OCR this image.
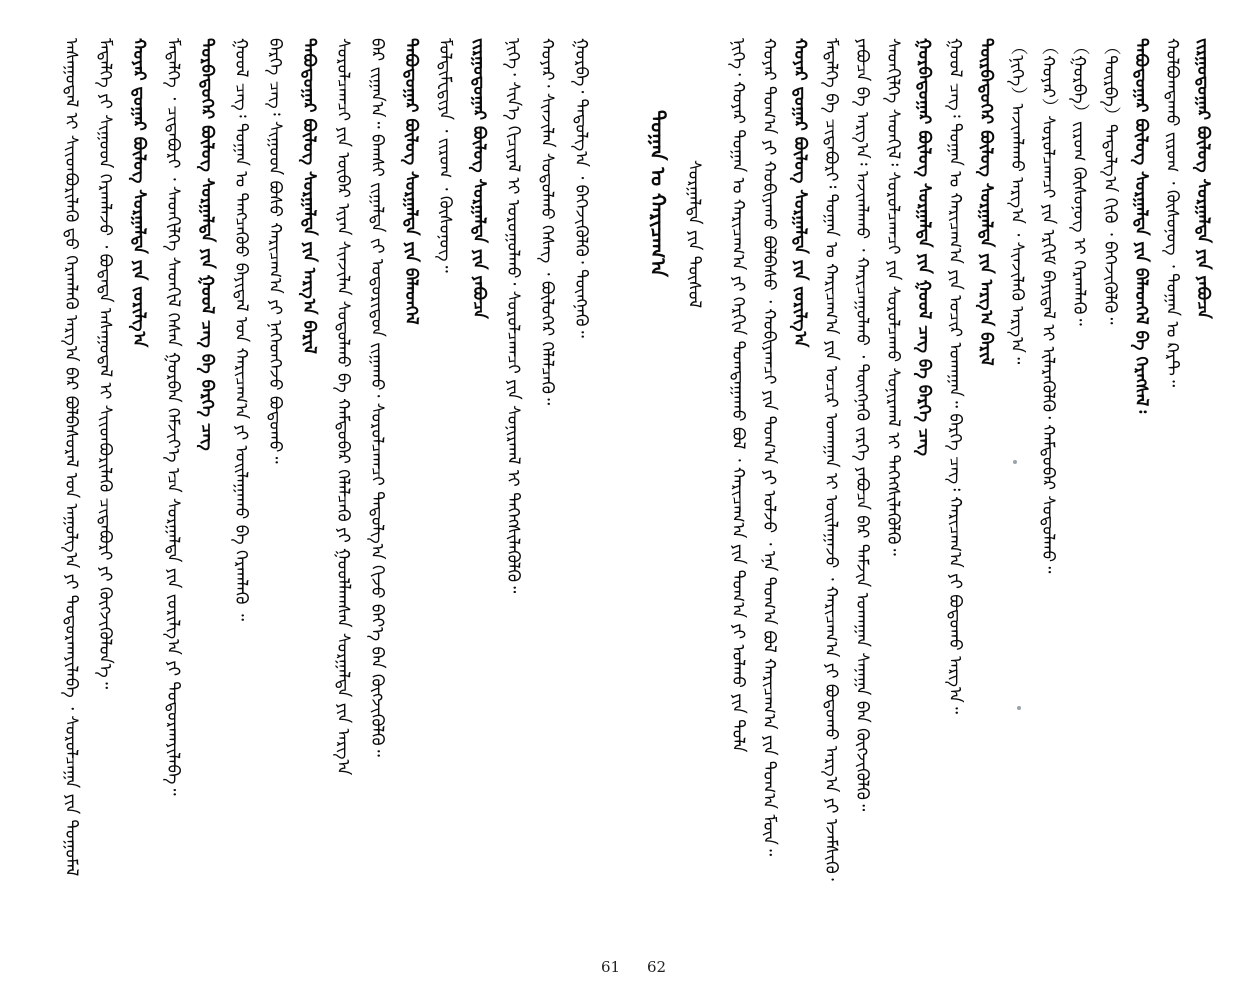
ᠠᠰᠠᠭᠤᠳᠠᠯ ᠢ ᠰᠢᠢᠳᠪᠦᠷᠢᠯᠡᠬᠦ ᠳ᠋ᠤ ᠬᠡᠷᠡᠭ᠍ᠯᠡᠬᠦ ᠠᠷᠭ᠎ᠠ ᠪᠠᠷ ᠪᠣᠯᠪᠠᠰᠤᠷᠠᠯ ᠤᠨ ᠠᠭᠤᠯᠭ᠎ᠠ ᠶᠢ ᠲᠣᠳᠣᠷᠬᠠᠶᠢᠯᠠᠪᠠ ᠂ ᠰᠤᠷᠤᠯᠴᠠᠭᠠ ᠶᠢᠨ ᠲᠣᠭᠣᠮᠠᠯ ᠮᠡᠳᠡᠯᠭᠡ ᠶᠢ ᠰᠢᠭᠤᠳ ᠬᠡᠷᠡᠭ᠍ᠯᠡᠵᠦ ᠂ ᠪᠣᠳᠠᠳᠠ ᠠᠰᠠᠭᠤᠳᠠᠯ ᠢ ᠰᠢᠢᠳᠪᠦᠷᠢᠯᠡᠬᠦ ᠴᠢᠳᠠᠪᠤᠷᠢ ᠶᠢ ᠬᠥᠭᠵᠢᠭᠦᠯᠦᠨ᠎ᠡ᠃ ᠬᠣᠶᠠᠷ ᠳ᠋ᠤᠭᠠᠷ ᠪᠦᠯᠦᠭ ᠰᠤᠷᠭᠠᠯᠲᠠ ᠶᠢᠨ ᠵᠣᠷᠢᠯᠭ᠎ᠠ ᠮᠡᠳᠡᠯᠭᠡ ᠂ ᠴᠢᠳᠠᠪᠤᠷᠢ ᠂ ᠰᠡᠳᠬᠢᠯᠭᠡ ᠰᠡᠳᠬᠢᠯ ᠭᠡᠰᠡᠨ ᠭᠤᠷᠪᠠᠨ ᠬᠡᠮᠵᠢᠶ᠎ᠡ ᠡᠴᠡ ᠰᠤᠷᠭᠠᠯᠲᠠ ᠶᠢᠨ ᠵᠣᠷᠢᠯᠭ᠎ᠠ ᠶᠢ ᠲᠣᠳᠣᠷᠬᠠᠶᠢᠯᠠᠪᠠ᠃ ᠳᠣᠷᠪᠡᠳᠦᠭᠡᠷ ᠪᠦᠯᠦᠭ ᠰᠤᠷᠭᠠᠯᠲᠠ ᠶᠢᠨ ᠭᠣᠣᠯ ᠴᠡᠭ ᠪᠠ ᠪᠡᠷᠬᠡ ᠴᠡᠭ ᠭᠣᠣᠯ ᠴᠡᠭ᠄ ᠲᠣᠭᠠᠨ ᠤ ᠲᠡᠩᠴᠡᠭᠦᠦ ᠪᠠᠶᠢᠳᠠᠯ ᠤᠨ ᠬᠠᠷᠢᠴᠠᠭ᠎ᠠ ᠶᠢ ᠣᠢᠯᠠᠭᠠᠬᠤ ᠪᠠ ᠬᠡᠷᠡᠭ᠍ᠯᠡᠬᠦ ᠃ ᠪᠡᠷᠬᠡ ᠴᠡᠭ᠄ ᠰᠢᠭᠤᠳ ᠪᠤᠰᠤ ᠬᠠᠷᠢᠴᠠᠭ᠎ᠠ ᠶᠢ ᠨᠡᠭᠡᠳᠬᠡᠵᠦ ᠪᠣᠳᠣᠬᠤ᠃ ᠲᠠᠪᠤᠳᠤᠭᠠᠷ ᠪᠦᠯᠦᠭ ᠰᠤᠷᠭᠠᠯᠲᠠ ᠶᠢᠨ ᠠᠷᠭ᠎ᠠ ᠪᠠᠷᠢᠯ ᠰᠤᠷᠤᠯᠴᠠᠭᠴᠢ ᠶᠢᠨ ᠦᠪᠡᠷ ᠢᠶᠡᠨ ᠰᠢᠨᠵᠢᠯᠡᠨ ᠰᠤᠳᠤᠯᠬᠤ ᠪᠠ ᠬᠠᠮᠲᠤᠪᠠᠷ ᠬᠡᠯᠡᠯᠴᠡᠬᠦ ᠶᠢ ᠭᠣᠣᠯᠯᠠᠭᠰᠠᠨ ᠰᠤᠷᠭᠠᠯᠲᠠ ᠶᠢᠨ ᠠᠷᠭ᠎ᠠ ᠪᠠᠷ ᠵᠢᠭᠠᠨ᠎ᠠ᠃ ᠪᠠᠭᠰᠢ ᠵᠢᠭᠠᠯᠳᠠ ᠵᠢ ᠤᠳᠤᠷᠢᠳᠤᠨ ᠵᠢᠭᠠᠬᠤ᠂ ᠰᠤᠷᠤᠯᠴᠠᠭᠴᠢ ᠳᠠᠳᠤᠯᠭ᠎ᠠ ᠬᠢᠵᠦ ᠪᠡᠶ᠎ᠡ ᠪᠡᠨ ᠬᠦᠭᠵᠢᠭᠦᠯᠬᠦ᠃ ᠲᠠᠪᠤᠳᠤᠭᠠᠷ ᠪᠦᠯᠦᠭ ᠰᠤᠷᠭᠠᠯᠲᠠ ᠶᠢᠨ ᠪᠡᠯᠡᠳᠬᠡᠯ ᠮᠤᠯᠲᠢᠮᠸᠳᠢᠶᠠ ᠂ ᠵᠢᠷᠤᠭ ᠂ ᠬᠦᠰᠦᠨᠦᠭ᠃ ᠵᠢᠷᠭᠤᠳᠤᠭᠠᠷ ᠪᠦᠯᠦᠭ ᠰᠤᠷᠭᠠᠯᠲᠠ ᠶᠢᠨ ᠶᠠᠪᠤᠴᠠ ᠨᠢᠭᠡ᠂ ᠱᠢᠨ᠎ᠡ ᠬᠢᠴᠢᠶᠡᠯ ᠢ ᠤᠷᠤᠭᠤᠯᠬᠤ᠂ ᠰᠤᠷᠤᠯᠴᠠᠭᠴᠢ ᠶᠢᠨ ᠰᠣᠨᠢᠷᠬᠠᠯ ᠢ ᠳᠡᠭᠡᠭᠰᠢᠯᠡᠭᠦᠯᠬᠦ᠃ ᠬᠣᠶᠠᠷ᠂ ᠰᠢᠨᠵᠢᠯᠡᠨ ᠰᠤᠳᠤᠯᠬᠤ ᠬᠡᠰᠡᠭ ᠂ ᠪᠦᠯᠦᠭᠡᠷ ᠬᠡᠯᠡᠯᠴᠡᠬᠦ᠃ ᠭᠤᠷᠪᠠ᠂ ᠳᠠᠳᠤᠯᠭ᠎ᠠ ᠂ ᠪᠡᠬᠡᠵᠢᠭᠦᠯᠬᠦ᠂ ᠳᠦᠩᠨᠡᠬᠦ᠃
61 62
ᠲᠣᠭᠠᠨ ᠤ ᠬᠠᠷᠢᠴᠠᠭ᠎ᠠ ᠰᠤᠷᠭᠠᠯᠲᠠ ᠶᠢᠨ ᠲᠥᠰᠥᠯ ᠨᠢᠭᠡ᠂ ᠬᠣᠶᠠᠷ ᠲᠣᠭᠠᠨ ᠤ ᠬᠠᠷᠢᠴᠠᠭ᠎ᠠ ᠶᠢ ᠬᠡᠷᠬᠢᠨ ᠲᠣᠭᠲᠠᠭᠠᠬᠤ ᠪᠣᠯ ᠂ ᠬᠠᠷᠢᠴᠠᠭ᠎ᠠ ᠶᠢᠨ ᠲᠣᠭ᠎ᠠ ᠶᠢ ᠣᠯᠬᠤ ᠶᠢᠨ ᠲᠤᠯᠠ ᠬᠣᠶᠠᠷ ᠲᠣᠭ᠎ᠠ ᠶᠢ ᠬᠤᠪᠢᠶᠠᠬᠤ ᠪᠣᠯᠪᠠᠰᠤ ᠂ ᠬᠤᠪᠢᠶᠠᠭᠴᠢ ᠶᠢᠨ ᠲᠣᠭ᠎ᠠ ᠶᠢ ᠣᠯᠵᠤ ᠂ ᠡᠨᠡ ᠲᠣᠭ᠎ᠠ ᠪᠣᠯ ᠬᠠᠷᠢᠴᠠᠭ᠎ᠠ ᠶᠢᠨ ᠲᠣᠭ᠎ᠠ ᠮᠦᠨ᠃ ᠬᠣᠶᠠᠷ ᠳ᠋ᠤᠭᠠᠷ ᠪᠦᠯᠦᠭ ᠰᠤᠷᠭᠠᠯᠲᠠ ᠶᠢᠨ ᠵᠣᠷᠢᠯᠭ᠎ᠠ ᠮᠡᠳᠡᠯᠭᠡ ᠪᠠ ᠴᠢᠳᠠᠪᠤᠷᠢ᠄ ᠲᠣᠭᠠᠨ ᠤ ᠬᠠᠷᠢᠴᠠᠭ᠎ᠠ ᠶᠢᠨ ᠤᠴᠢᠷ ᠤᠬᠠᠭᠠᠨ ᠢ ᠣᠢᠯᠠᠭᠠᠵᠤ ᠂ ᠬᠠᠷᠢᠴᠠᠭ᠎ᠠ ᠶᠢ ᠪᠣᠳᠣᠬᠤ ᠠᠷᠭ᠎ᠠ ᠶᠢ ᠡᠵᠡᠮᠰᠢᠬᠦ᠂ ᠶᠠᠪᠤᠴᠠ ᠪᠠ ᠠᠷᠭ᠎ᠠ᠄ ᠠᠵᠢᠭᠯᠠᠬᠤ ᠂ ᠬᠠᠷᠢᠴᠠᠭᠤᠯᠬᠤ ᠂ ᠳᠦᠩᠨᠡᠬᠦ ᠵᠡᠷᠭᠡ ᠶᠠᠪᠤᠴᠠ ᠪᠠᠷ ᠳᠠᠮᠵᠢᠨ ᠤᠬᠠᠭᠠᠨ ᠰᠠᠨᠠᠭᠠ ᠪᠡᠨ ᠬᠥᠭᠵᠢᠭᠦᠯᠬᠦ᠃ ᠰᠡᠳᠬᠢᠯᠭᠡ ᠰᠡᠳᠬᠢᠯ᠄ ᠰᠤᠷᠤᠯᠴᠠᠭᠴᠢ ᠶᠢᠨ ᠰᠤᠷᠤᠯᠴᠠᠬᠤ ᠰᠣᠨᠢᠷᠬᠠᠯ ᠢ ᠳᠡᠭᠡᠭᠰᠢᠯᠡᠭᠦᠯᠬᠦ᠃ ᠭᠤᠷᠪᠠᠳᠤᠭᠠᠷ ᠪᠦᠯᠦᠭ ᠰᠤᠷᠭᠠᠯᠲᠠ ᠶᠢᠨ ᠭᠣᠣᠯ ᠴᠡᠭ ᠪᠠ ᠪᠡᠷᠬᠡ ᠴᠡᠭ ᠭᠣᠣᠯ ᠴᠡᠭ᠄ ᠲᠣᠭᠠᠨ ᠤ ᠬᠠᠷᠢᠴᠠᠭ᠎ᠠ ᠶᠢᠨ ᠤᠴᠢᠷ ᠤᠬᠠᠭᠠᠨ᠃ ᠪᠡᠷᠬᠡ ᠴᠡᠭ᠄ ᠬᠠᠷᠢᠴᠠᠭ᠎ᠠ ᠶᠢ ᠪᠣᠳᠣᠬᠤ ᠠᠷᠭ᠎ᠠ᠃ ᠳᠥᠷᠪᠡᠳᠦᠭᠡᠷ ᠪᠦᠯᠦᠭ ᠰᠤᠷᠭᠠᠯᠲᠠ ᠶᠢᠨ ᠠᠷᠭ᠎ᠠ ᠪᠠᠷᠢᠯ （ᠨᠢᠭᠡ）ᠠᠵᠢᠭᠯᠠᠬᠤ ᠠᠷᠭ᠎ᠠ ᠂ ᠰᠢᠨᠵᠢᠯᠡᠬᠦ ᠠᠷᠭ᠎ᠠ᠃ （ᠬᠣᠶᠠᠷ）ᠰᠤᠷᠤᠯᠴᠠᠭᠴᠢ ᠶᠢᠨ ᠡᠷᠬᠢᠮ ᠪᠠᠶᠢᠳᠠᠯ ᠢ ᠢᠯᠡᠷᠡᠭᠦᠯᠬᠦ᠂ ᠬᠠᠮᠲᠤᠪᠠᠷ ᠰᠤᠳᠤᠯᠬᠤ᠃ （ᠭᠤᠷᠪᠠ）ᠵᠢᠷᠤᠭ ᠬᠦᠰᠦᠨᠦᠭ ᠢ ᠬᠡᠷᠡᠭ᠍ᠯᠡᠬᠦ᠃ （ᠳᠥᠷᠪᠡ）ᠳᠠᠳᠤᠯᠭ᠎ᠠ ᠬᠢᠬᠦ ᠂ ᠪᠡᠬᠡᠵᠢᠭᠦᠯᠬᠦ᠃ ᠲᠠᠪᠤᠳᠤᠭᠠᠷ ᠪᠦᠯᠦᠭ ᠰᠤᠷᠭᠠᠯᠲᠠ ᠶᠢᠨ ᠪᠡᠯᠡᠳᠬᠡᠯ ᠪᠠ ᠬᠡᠷᠡᠭᠰᠡᠯ᠄ ᠬᠣᠯᠪᠣᠭᠳᠠᠬᠤ ᠵᠢᠷᠤᠭ ᠂ ᠬᠦᠰᠦᠨᠦᠭ ᠂ ᠲᠣᠭᠠᠨ ᠤ ᠺᠠᠷᠲ᠃ ᠵᠢᠷᠭᠤᠳᠤᠭᠠᠷ ᠪᠦᠯᠦᠭ ᠰᠤᠷᠭᠠᠯᠲᠠ ᠶᠢᠨ ᠶᠠᠪᠤᠴᠠ
